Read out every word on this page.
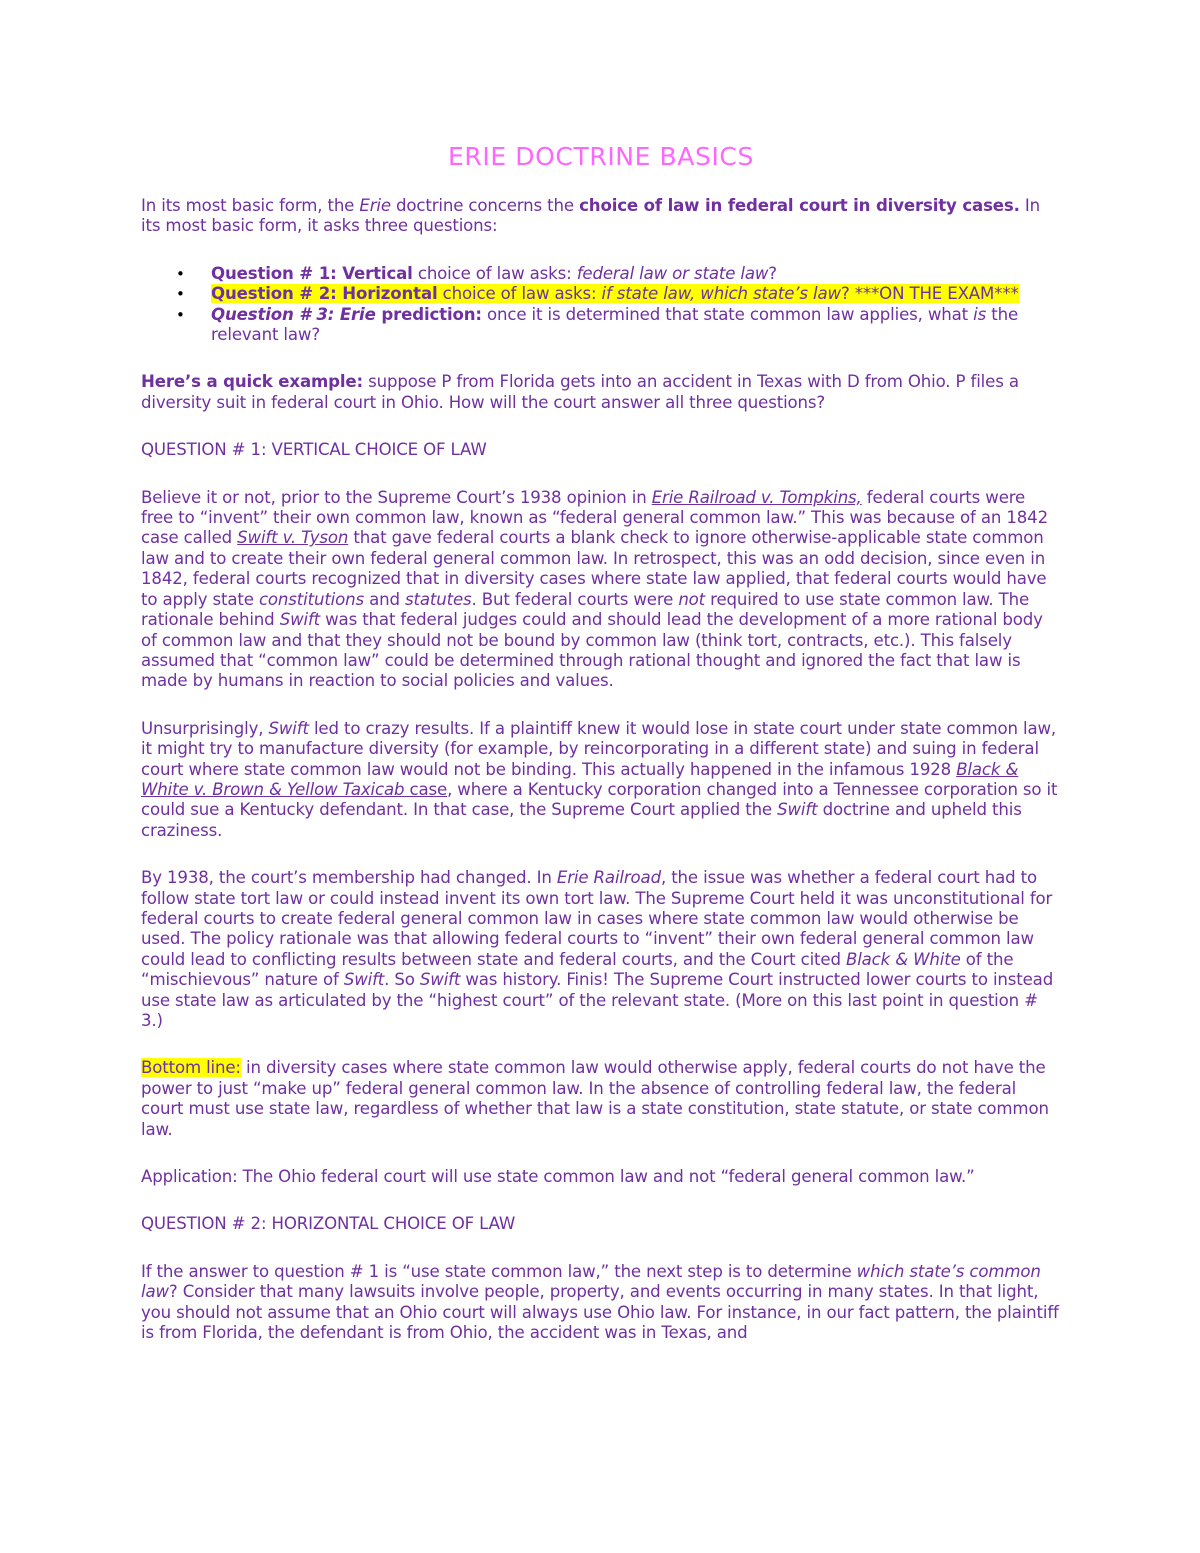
ERIE DOCTRINE BASICS

In its most basic form, the Erie doctrine concerns the choice of law in federal court in diversity cases. In its most basic form, it asks three questions:

• Question # 1: Vertical choice of law asks: federal law or state law?
• Question # 2: Horizontal choice of law asks: if state law, which state’s law? ***ON THE EXAM***
• Question # 3: Erie prediction: once it is determined that state common law applies, what is the relevant law?

Here’s a quick example: suppose P from Florida gets into an accident in Texas with D from Ohio. P files a diversity suit in federal court in Ohio. How will the court answer all three questions?

QUESTION # 1: VERTICAL CHOICE OF LAW

Believe it or not, prior to the Supreme Court’s 1938 opinion in Erie Railroad v. Tompkins, federal courts were free to “invent” their own common law, known as “federal general common law.” This was because of an 1842 case called Swift v. Tyson that gave federal courts a blank check to ignore otherwise-applicable state common law and to create their own federal general common law. In retrospect, this was an odd decision, since even in 1842, federal courts recognized that in diversity cases where state law applied, that federal courts would have to apply state constitutions and statutes. But federal courts were not required to use state common law. The rationale behind Swift was that federal judges could and should lead the development of a more rational body of common law and that they should not be bound by common law (think tort, contracts, etc.). This falsely assumed that “common law” could be determined through rational thought and ignored the fact that law is made by humans in reaction to social policies and values.

Unsurprisingly, Swift led to crazy results. If a plaintiff knew it would lose in state court under state common law, it might try to manufacture diversity (for example, by reincorporating in a different state) and suing in federal court where state common law would not be binding. This actually happened in the infamous 1928 Black & White v. Brown & Yellow Taxicab case, where a Kentucky corporation changed into a Tennessee corporation so it could sue a Kentucky defendant. In that case, the Supreme Court applied the Swift doctrine and upheld this craziness.

By 1938, the court’s membership had changed. In Erie Railroad, the issue was whether a federal court had to follow state tort law or could instead invent its own tort law. The Supreme Court held it was unconstitutional for federal courts to create federal general common law in cases where state common law would otherwise be used. The policy rationale was that allowing federal courts to “invent” their own federal general common law could lead to conflicting results between state and federal courts, and the Court cited Black & White of the “mischievous” nature of Swift. So Swift was history. Finis! The Supreme Court instructed lower courts to instead use state law as articulated by the “highest court” of the relevant state. (More on this last point in question # 3.)

Bottom line: in diversity cases where state common law would otherwise apply, federal courts do not have the power to just “make up” federal general common law. In the absence of controlling federal law, the federal court must use state law, regardless of whether that law is a state constitution, state statute, or state common law.

Application: The Ohio federal court will use state common law and not “federal general common law.”

QUESTION # 2: HORIZONTAL CHOICE OF LAW

If the answer to question # 1 is “use state common law,” the next step is to determine which state’s common law? Consider that many lawsuits involve people, property, and events occurring in many states. In that light, you should not assume that an Ohio court will always use Ohio law. For instance, in our fact pattern, the plaintiff is from Florida, the defendant is from Ohio, the accident was in Texas, and
